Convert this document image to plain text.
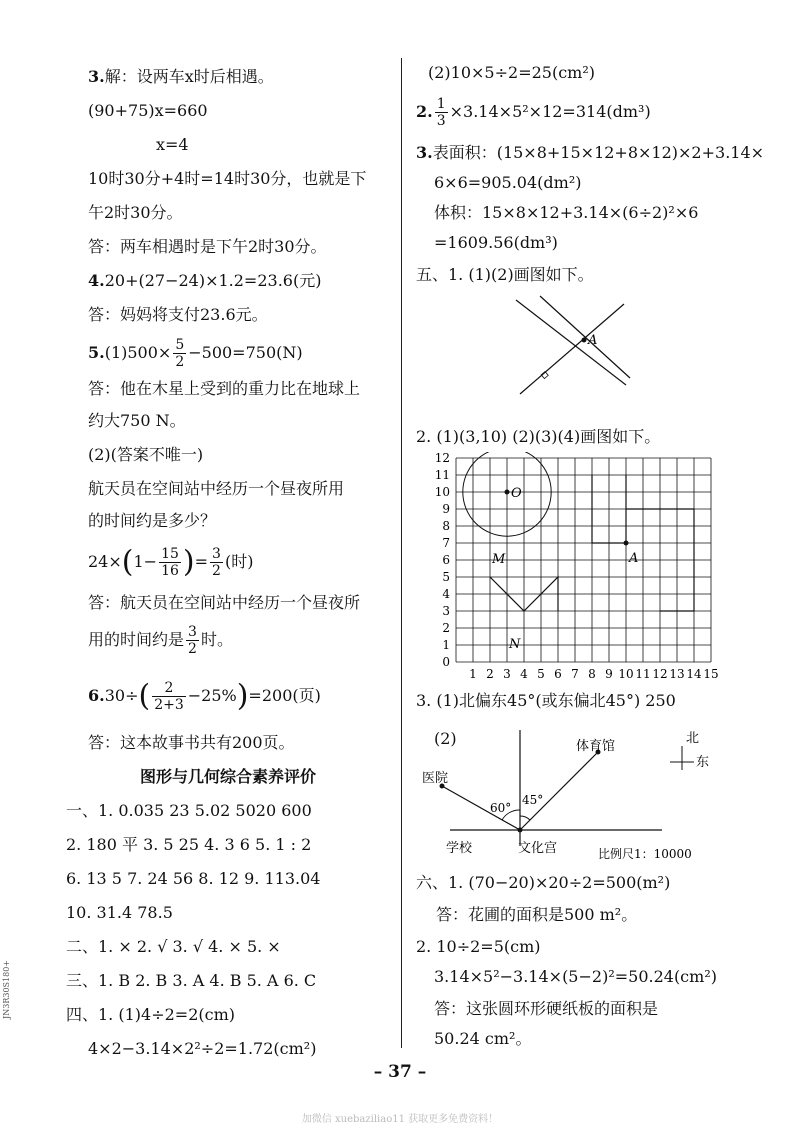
3.解：设两车x时后相遇。
(90+75)x=660
x=4
10时30分+4时=14时30分，也就是下
午2时30分。
答：两车相遇时是下午2时30分。
4.20+(27−24)×1.2=23.6(元)
答：妈妈将支付23.6元。
$5.(1)500\times \frac{5}{2} -500=750(N)$
答：他在木星上受到的重力比在地球上
约大750 N。
(2)(答案不唯一)
航天员在空间站中经历一个昼夜所用
的时间约是多少？
$24\times(1- \frac{15}{16}$ )= $\frac{3}{2}$ (时)
答：航天员在空间站中经历一个昼夜所
用的时间约是 $\frac{3}{2}$ 时。
$6.30\div( \frac{2}{2+3} -25\%)=200$(页)
答：这本故事书共有200页。
图形与几何综合素养评价
一、1. 0.035 23 5.02 5020 600
2. 180 平 3. 5 25 4. 3 6 5. 1 : 2
6. 13 5 7. 24 56 8. 12 9. 113.04
10. 31.4 78.5
二、1. × 2. √ 3. √ 4. × 5. ×
三、1. B 2. B 3. A 4. B 5. A 6. C
四、1. (1)4÷2=2(cm)
4×2−3.14×2²÷2=1.72(cm²)
(2)10×5÷2=25(cm²)
2. $\frac{1}{3} \times 3.14\times 5^2\times 12=314(dm^3)$
3.表面积：(15×8+15×12+8×12)×2+3.14×
6×6=905.04(dm²)
体积：15×8×12+3.14×(6÷2)²×6
=1609.56(dm³)
五、1. (1)(2)画图如下。
A
2. (1)(3,10) (2)(3)(4)画图如下。
12
11
10
9
8
7
6
5
4
3
2
1
0
1 2 3 4 5 6 7 8 9 10 11 12 13 14 15
O
M
N
A
3. (1)北偏东45°(或东偏北45°) 250
(2)	体育馆
医院
学校	文化宫
60°
45°
北
东
比例尺1：10000
六、1. (70−20)×20÷2=500(m²)
答：花圃的面积是500 m²。
2. 10÷2=5(cm)
3.14×5²−3.14×(5−2)²=50.24(cm²)
答：这张圆环形硬纸板的面积是
50.24 cm²。
– 37 –
JN3R30S180+
加微信 xuebaziliao11 获取更多免费资料！
